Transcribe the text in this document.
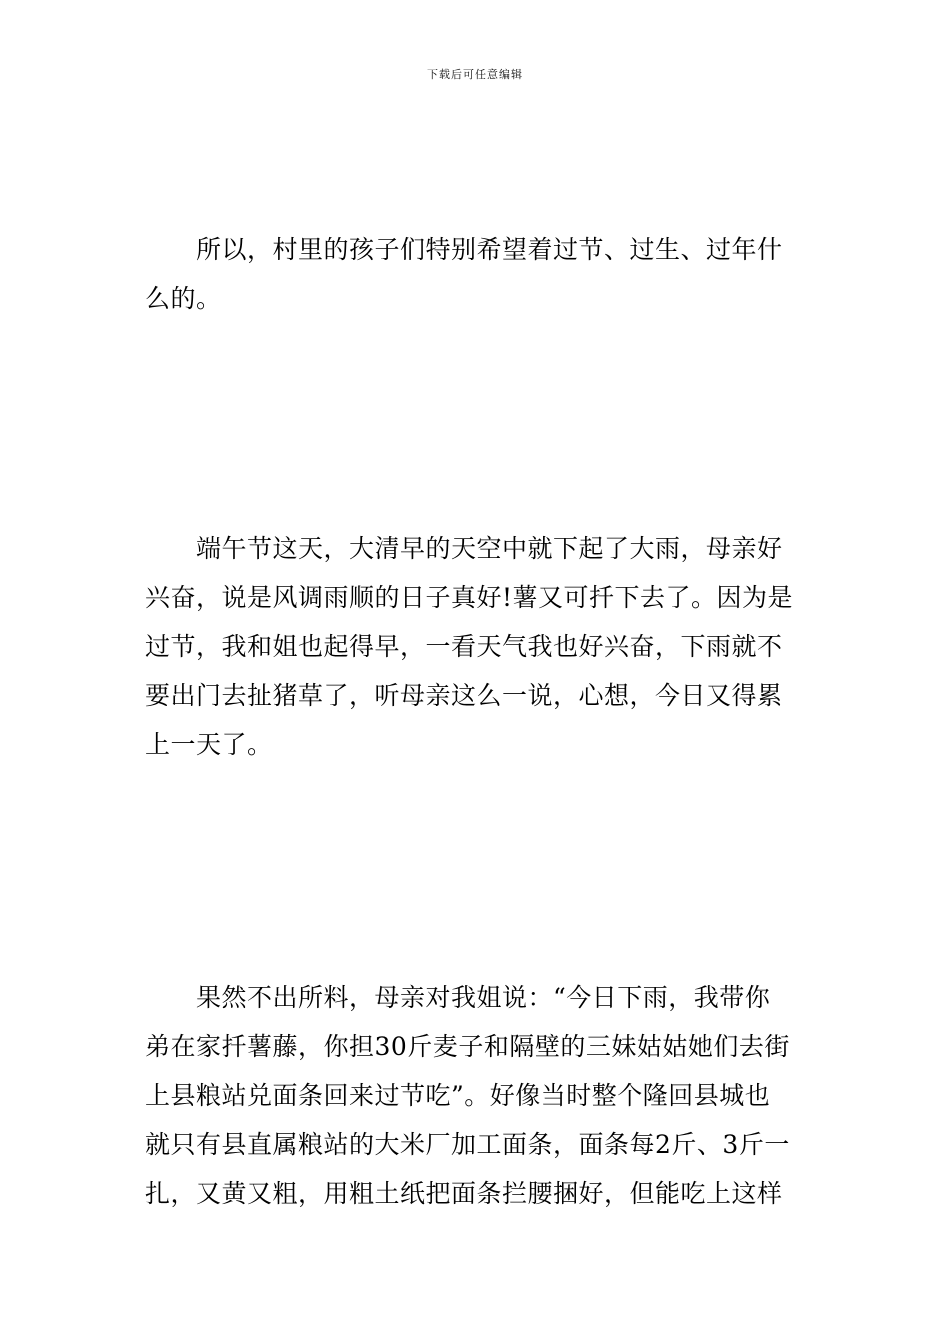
下载后可任意编辑
所以，村里的孩子们特别希望着过节、过生、过年什
么的。
端午节这天，大清早的天空中就下起了大雨，母亲好
兴奋，说是风调雨顺的日子真好!薯又可扦下去了。因为是
过节，我和姐也起得早，一看天气我也好兴奋，下雨就不
要出门去扯猪草了，听母亲这么一说，心想，今日又得累
上一天了。
果然不出所料，母亲对我姐说：“今日下雨，我带你
弟在家扦薯藤，你担30斤麦子和隔壁的三妹姑姑她们去街
上县粮站兑面条回来过节吃”。好像当时整个隆回县城也
就只有县直属粮站的大米厂加工面条，面条每2斤、3斤一
扎，又黄又粗，用粗土纸把面条拦腰捆好，但能吃上这样
